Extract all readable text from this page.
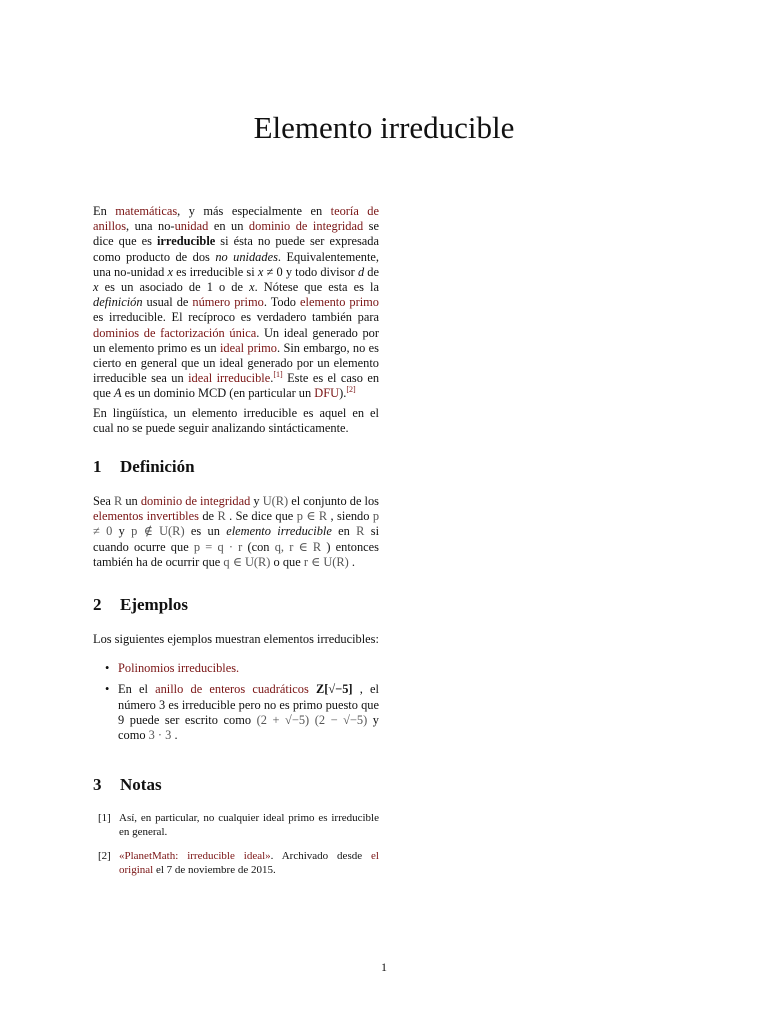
Elemento irreducible

En matemáticas, y más especialmente en teoría de anillos, una no-unidad en un dominio de integridad se dice que es irreducible si ésta no puede ser expresada como producto de dos no unidades. Equivalentemente, una no-unidad x es irreducible si x ≠ 0 y todo divisor d de x es un asociado de 1 o de x. Nótese que esta es la definición usual de número primo. Todo elemento primo es irreducible. El recíproco es verdadero también para dominios de factorización única. Un ideal generado por un elemento primo es un ideal primo. Sin embargo, no es cierto en general que un ideal generado por un elemento irreducible sea un ideal irreducible.[1] Este es el caso en que A es un dominio MCD (en particular un DFU).[2]

En lingüística, un elemento irreducible es aquel en el cual no se puede seguir analizando sintácticamente.

1 Definición

Sea R un dominio de integridad y U(R) el conjunto de los elementos invertibles de R . Se dice que p ∈ R , siendo p ≠ 0 y p ∉ U(R) es un elemento irreducible en R si cuando ocurre que p = q · r (con q, r ∈ R ) entonces también ha de ocurrir que q ∈ U(R) o que r ∈ U(R) .

2 Ejemplos

Los siguientes ejemplos muestran elementos irreducibles:

• Polinomios irreducibles.
• En el anillo de enteros cuadráticos Z[√−5] , el número 3 es irreducible pero no es primo puesto que 9 puede ser escrito como (2 + √−5) (2 − √−5) y como 3 · 3 .
3 Notas
[1] Así, en particular, no cualquier ideal primo es irreducible en general.
[2] «PlanetMath: irreducible ideal». Archivado desde el original el 7 de noviembre de 2015.
1
